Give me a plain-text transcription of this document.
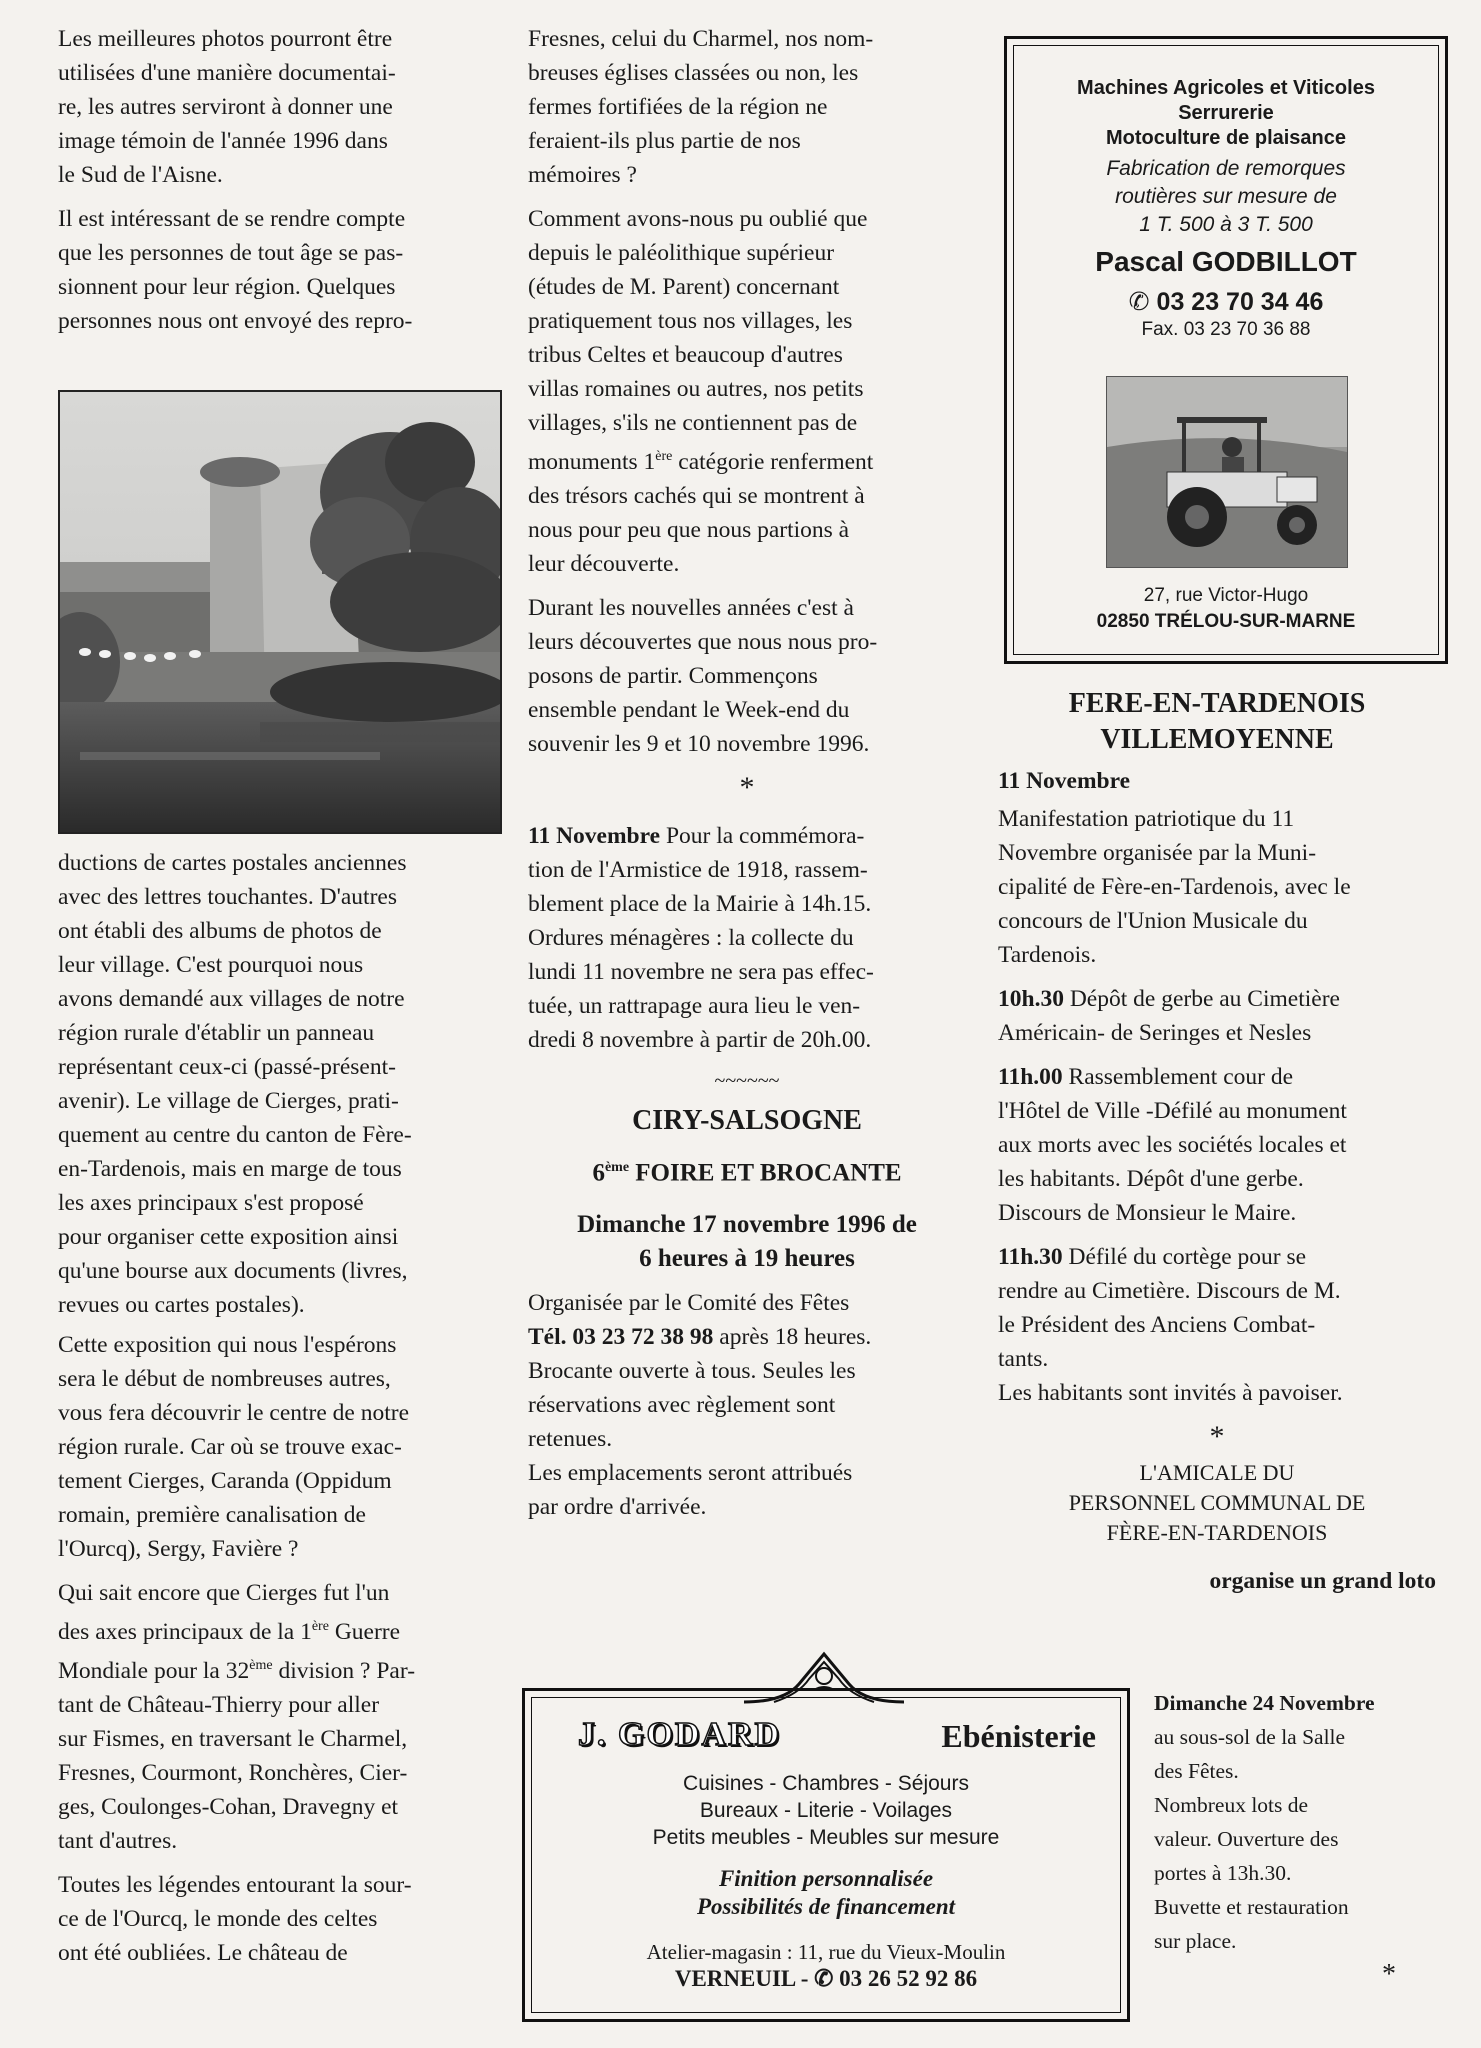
Les meilleures photos pourront être
utilisées d'une manière documentai-
re, les autres serviront à donner une
image témoin de l'année 1996 dans
le Sud de l'Aisne.
Il est intéressant de se rendre compte
que les personnes de tout âge se pas-
sionnent pour leur région. Quelques
personnes nous ont envoyé des repro-
ductions de cartes postales anciennes
avec des lettres touchantes. D'autres
ont établi des albums de photos de
leur village. C'est pourquoi nous
avons demandé aux villages de notre
région rurale d'établir un panneau
représentant ceux-ci (passé-présent-
avenir). Le village de Cierges, prati-
quement au centre du canton de Fère-
en-Tardenois, mais en marge de tous
les axes principaux s'est proposé
pour organiser cette exposition ainsi
qu'une bourse aux documents (livres,
revues ou cartes postales).
Cette exposition qui nous l'espérons
sera le début de nombreuses autres,
vous fera découvrir le centre de notre
région rurale. Car où se trouve exac-
tement Cierges, Caranda (Oppidum
romain, première canalisation de
l'Ourcq), Sergy, Favière ?
Qui sait encore que Cierges fut l'un
des axes principaux de la 1ère Guerre
Mondiale pour la 32ème division ? Par-
tant de Château-Thierry pour aller
sur Fismes, en traversant le Charmel,
Fresnes, Courmont, Ronchères, Cier-
ges, Coulonges-Cohan, Dravegny et
tant d'autres.
Toutes les légendes entourant la sour-
ce de l'Ourcq, le monde des celtes
ont été oubliées. Le château de
Fresnes, celui du Charmel, nos nom-
breuses églises classées ou non, les
fermes fortifiées de la région ne
feraient-ils plus partie de nos
mémoires ?
Comment avons-nous pu oublié que
depuis le paléolithique supérieur
(études de M. Parent) concernant
pratiquement tous nos villages, les
tribus Celtes et beaucoup d'autres
villas romaines ou autres, nos petits
villages, s'ils ne contiennent pas de
monuments 1ère catégorie renferment
des trésors cachés qui se montrent à
nous pour peu que nous partions à
leur découverte.
Durant les nouvelles années c'est à
leurs découvertes que nous nous pro-
posons de partir. Commençons
ensemble pendant le Week-end du
souvenir les 9 et 10 novembre 1996.
*
11 Novembre Pour la commémora-
tion de l'Armistice de 1918, rassem-
blement place de la Mairie à 14h.15.
Ordures ménagères : la collecte du
lundi 11 novembre ne sera pas effec-
tuée, un rattrapage aura lieu le ven-
dredi 8 novembre à partir de 20h.00.
~~~~~~
CIRY-SALSOGNE
6ème FOIRE ET BROCANTE
Dimanche 17 novembre 1996 de
6 heures à 19 heures
Organisée par le Comité des Fêtes
Tél. 03 23 72 38 98 après 18 heures.
Brocante ouverte à tous. Seules les
réservations avec règlement sont
retenues.
Les emplacements seront attribués
par ordre d'arrivée.

Machines Agricoles et Viticoles

Serrurerie

Motoculture de plaisance

Fabrication de remorques

routières sur mesure de

1 T. 500 à 3 T. 500

Pascal GODBILLOT

✆ 03 23 70 34 46

Fax. 03 23 70 36 88

27, rue Victor-Hugo

02850 TRÉLOU-SUR-MARNE

FERE-EN-TARDENOIS
VILLEMOYENNE
11 Novembre
Manifestation patriotique du 11
Novembre organisée par la Muni-
cipalité de Fère-en-Tardenois, avec le
concours de l'Union Musicale du
Tardenois.
10h.30 Dépôt de gerbe au Cimetière
Américain- de Seringes et Nesles
11h.00 Rassemblement cour de
l'Hôtel de Ville -Défilé au monument
aux morts avec les sociétés locales et
les habitants. Dépôt d'une gerbe.
Discours de Monsieur le Maire.
11h.30 Défilé du cortège pour se
rendre au Cimetière. Discours de M.
le Président des Anciens Combat-
tants.
Les habitants sont invités à pavoiser.
*
L'AMICALE DU
PERSONNEL COMMUNAL DE
FÈRE-EN-TARDENOIS
organise un grand loto
Dimanche 24 Novembre
au sous-sol de la Salle
des Fêtes.
Nombreux lots de
valeur. Ouverture des
portes à 13h.30.
Buvette et restauration
sur place.
*
J. GODARD	Ebénisterie
Cuisines - Chambres - Séjours
Bureaux - Literie - Voilages
Petits meubles - Meubles sur mesure
Finition personnalisée
Possibilités de financement
Atelier-magasin : 11, rue du Vieux-Moulin
VERNEUIL - ✆ 03 26 52 92 86
